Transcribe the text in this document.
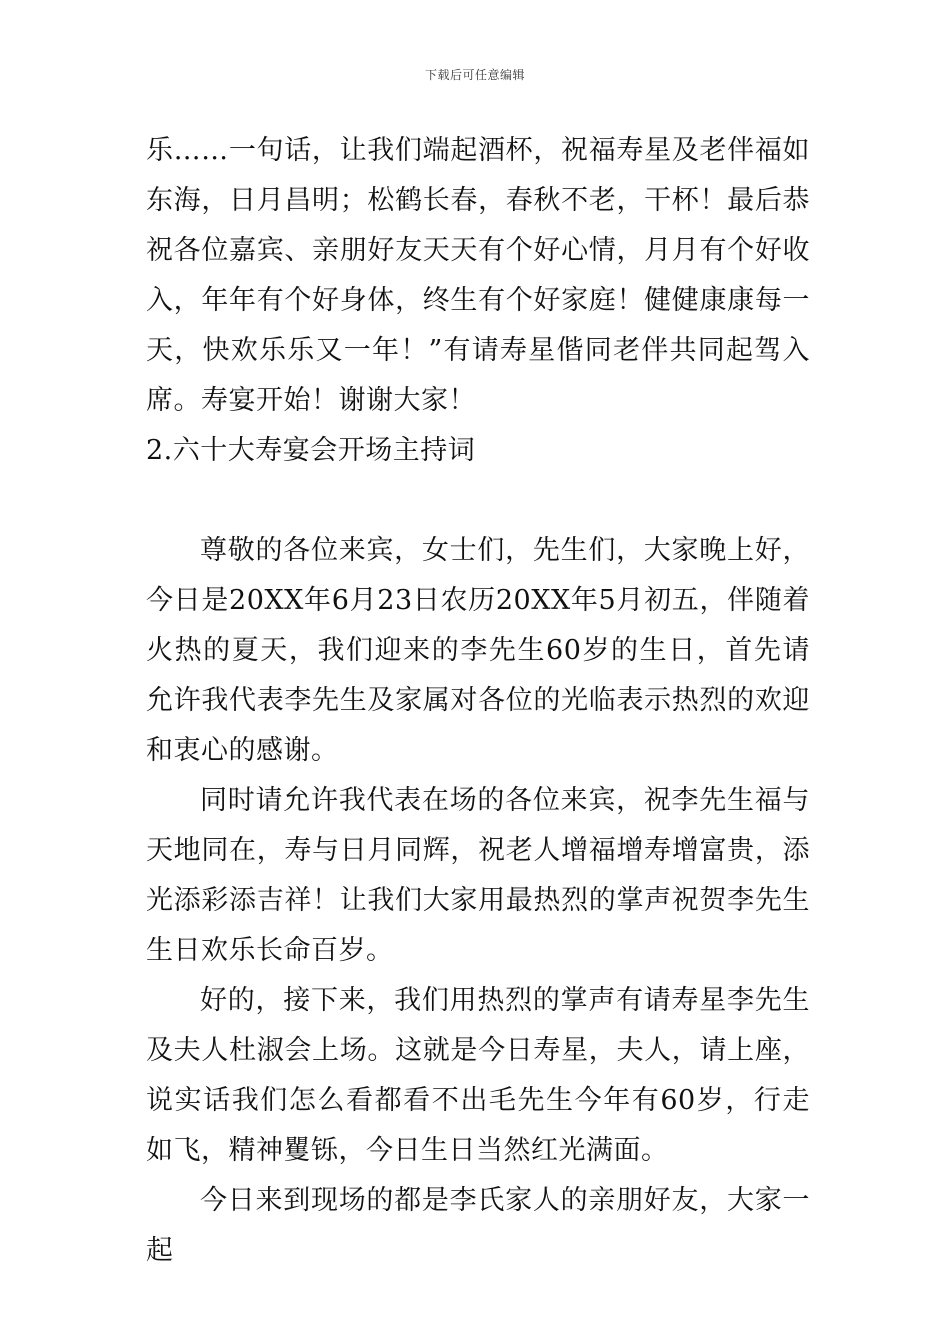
下载后可任意编辑

乐……一句话，让我们端起酒杯，祝福寿星及老伴福如东海，日月昌明；松鹤长春，春秋不老，干杯！最后恭祝各位嘉宾、亲朋好友天天有个好心情，月月有个好收入，年年有个好身体，终生有个好家庭！健健康康每一天，快欢乐乐又一年！”有请寿星偕同老伴共同起驾入席。寿宴开始！谢谢大家！

2.六十大寿宴会开场主持词

尊敬的各位来宾，女士们，先生们，大家晚上好，今日是20XX年6月23日农历20XX年5月初五，伴随着火热的夏天，我们迎来的李先生60岁的生日，首先请允许我代表李先生及家属对各位的光临表示热烈的欢迎和衷心的感谢。

同时请允许我代表在场的各位来宾，祝李先生福与天地同在，寿与日月同辉，祝老人增福增寿增富贵，添光添彩添吉祥！让我们大家用最热烈的掌声祝贺李先生生日欢乐长命百岁。

好的，接下来，我们用热烈的掌声有请寿星李先生及夫人杜淑会上场。这就是今日寿星，夫人，请上座，说实话我们怎么看都看不出毛先生今年有60岁，行走如飞，精神矍铄，今日生日当然红光满面。

今日来到现场的都是李氏家人的亲朋好友，大家一起
